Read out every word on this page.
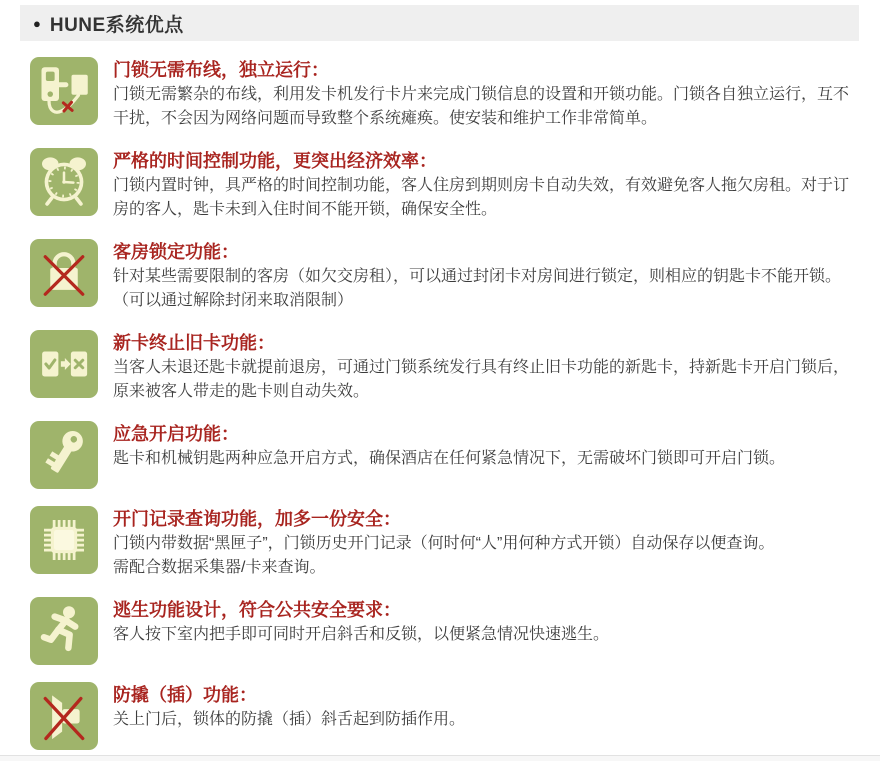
● HUNE系统优点
门锁无需布线，独立运行：
门锁无需繁杂的布线，利用发卡机发行卡片来完成门锁信息的设置和开锁功能。门锁各自独立运行，互不干扰，不会因为网络问题而导致整个系统瘫痪。使安装和维护工作非常简单。
严格的时间控制功能，更突出经济效率：
门锁内置时钟，具严格的时间控制功能，客人住房到期则房卡自动失效，有效避免客人拖欠房租。对于订房的客人，匙卡未到入住时间不能开锁，确保安全性。
客房锁定功能：
针对某些需要限制的客房（如欠交房租），可以通过封闭卡对房间进行锁定，则相应的钥匙卡不能开锁。
（可以通过解除封闭来取消限制）
新卡终止旧卡功能：
当客人未退还匙卡就提前退房，可通过门锁系统发行具有终止旧卡功能的新匙卡，持新匙卡开启门锁后，原来被客人带走的匙卡则自动失效。
应急开启功能：
匙卡和机械钥匙两种应急开启方式，确保酒店在任何紧急情况下，无需破坏门锁即可开启门锁。
开门记录查询功能，加多一份安全：
门锁内带数据“黑匣子”，门锁历史开门记录（何时何“人”用何种方式开锁）自动保存以便查询。
需配合数据采集器/卡来查询。
逃生功能设计，符合公共安全要求：
客人按下室内把手即可同时开启斜舌和反锁，以便紧急情况快速逃生。
防撬（插）功能：
关上门后，锁体的防撬（插）斜舌起到防插作用。
